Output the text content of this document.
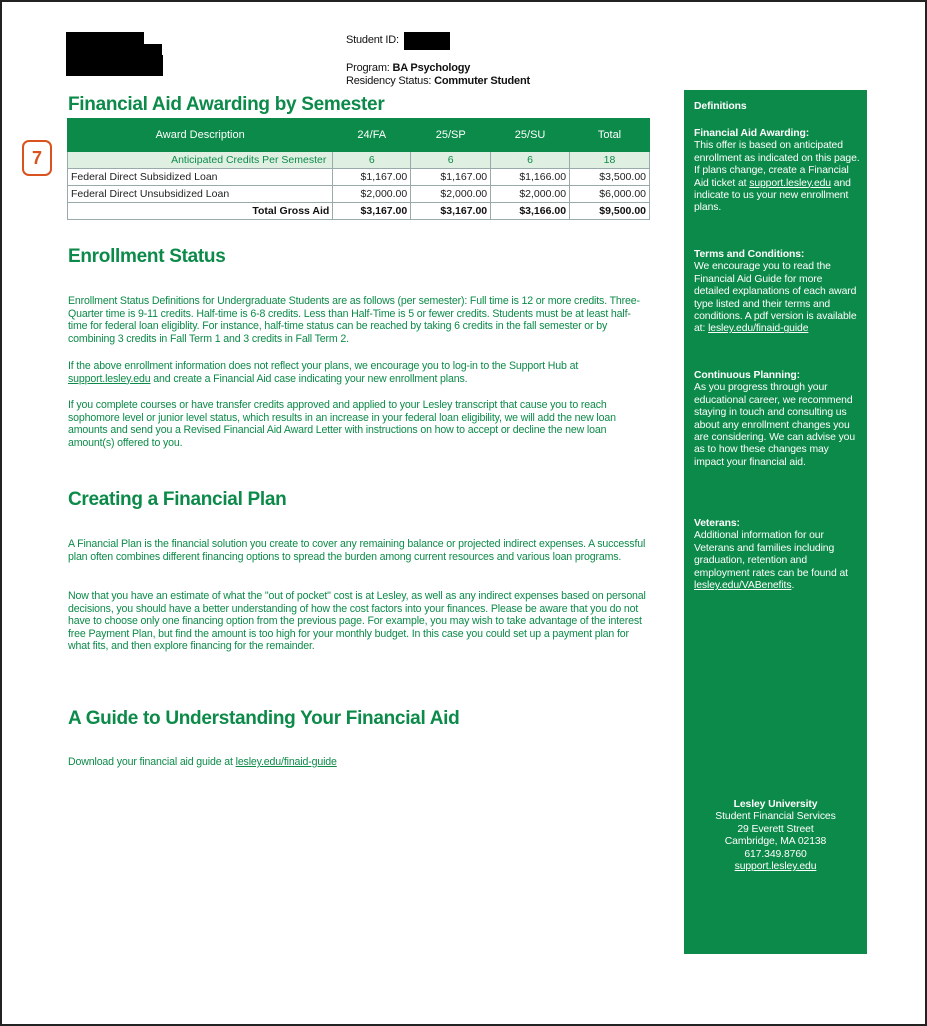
Student ID:
Program: BA Psychology
Residency Status: Commuter Student
7
Financial Aid Awarding by Semester
Award Description	24/FA	25/SP	25/SU	Total
Anticipated Credits Per Semester	6	6	6	18
Federal Direct Subsidized Loan	$1,167.00	$1,167.00	$1,166.00	$3,500.00
Federal Direct Unsubsidized Loan	$2,000.00	$2,000.00	$2,000.00	$6,000.00
Total Gross Aid	$3,167.00	$3,167.00	$3,166.00	$9,500.00
Enrollment Status

Enrollment Status Definitions for Undergraduate Students are as follows (per semester): Full time is 12 or more credits. Three-Quarter time is 9-11 credits. Half-time is 6-8 credits. Less than Half-Time is 5 or fewer credits. Students must be at least half-time for federal loan eligiblity. For instance, half-time status can be reached by taking 6 credits in the fall semester or by combining 3 credits in Fall Term 1 and 3 credits in Fall Term 2.

If the above enrollment information does not reflect your plans, we encourage you to log-in to the Support Hub at support.lesley.edu and create a Financial Aid case indicating your new enrollment plans.

If you complete courses or have transfer credits approved and applied to your Lesley transcript that cause you to reach sophomore level or junior level status, which results in an increase in your federal loan eligibility, we will add the new loan amounts and send you a Revised Financial Aid Award Letter with instructions on how to accept or decline the new loan amount(s) offered to you.

Creating a Financial Plan

A Financial Plan is the financial solution you create to cover any remaining balance or projected indirect expenses. A successful plan often combines different financing options to spread the burden among current resources and various loan programs.

Now that you have an estimate of what the "out of pocket" cost is at Lesley, as well as any indirect expenses based on personal decisions, you should have a better understanding of how the cost factors into your finances. Please be aware that you do not have to choose only one financing option from the previous page. For example, you may wish to take advantage of the interest free Payment Plan, but find the amount is too high for your monthly budget. In this case you could set up a payment plan for what fits, and then explore financing for the remainder.

A Guide to Understanding Your Financial Aid

Download your financial aid guide at lesley.edu/finaid-guide

Definitions
Financial Aid Awarding:
This offer is based on anticipated enrollment as indicated on this page. If plans change, create a Financial Aid ticket at support.lesley.edu and indicate to us your new enrollment plans.
Terms and Conditions:
We encourage you to read the Financial Aid Guide for more detailed explanations of each award type listed and their terms and conditions. A pdf version is available at: lesley.edu/finaid-guide
Continuous Planning:
As you progress through your educational career, we recommend staying in touch and consulting us about any enrollment changes you are considering. We can advise you as to how these changes may impact your financial aid.
Veterans:
Additional information for our Veterans and families including graduation, retention and employment rates can be found at lesley.edu/VABenefits.
Lesley University
Student Financial Services
29 Everett Street
Cambridge, MA 02138
617.349.8760
support.lesley.edu
